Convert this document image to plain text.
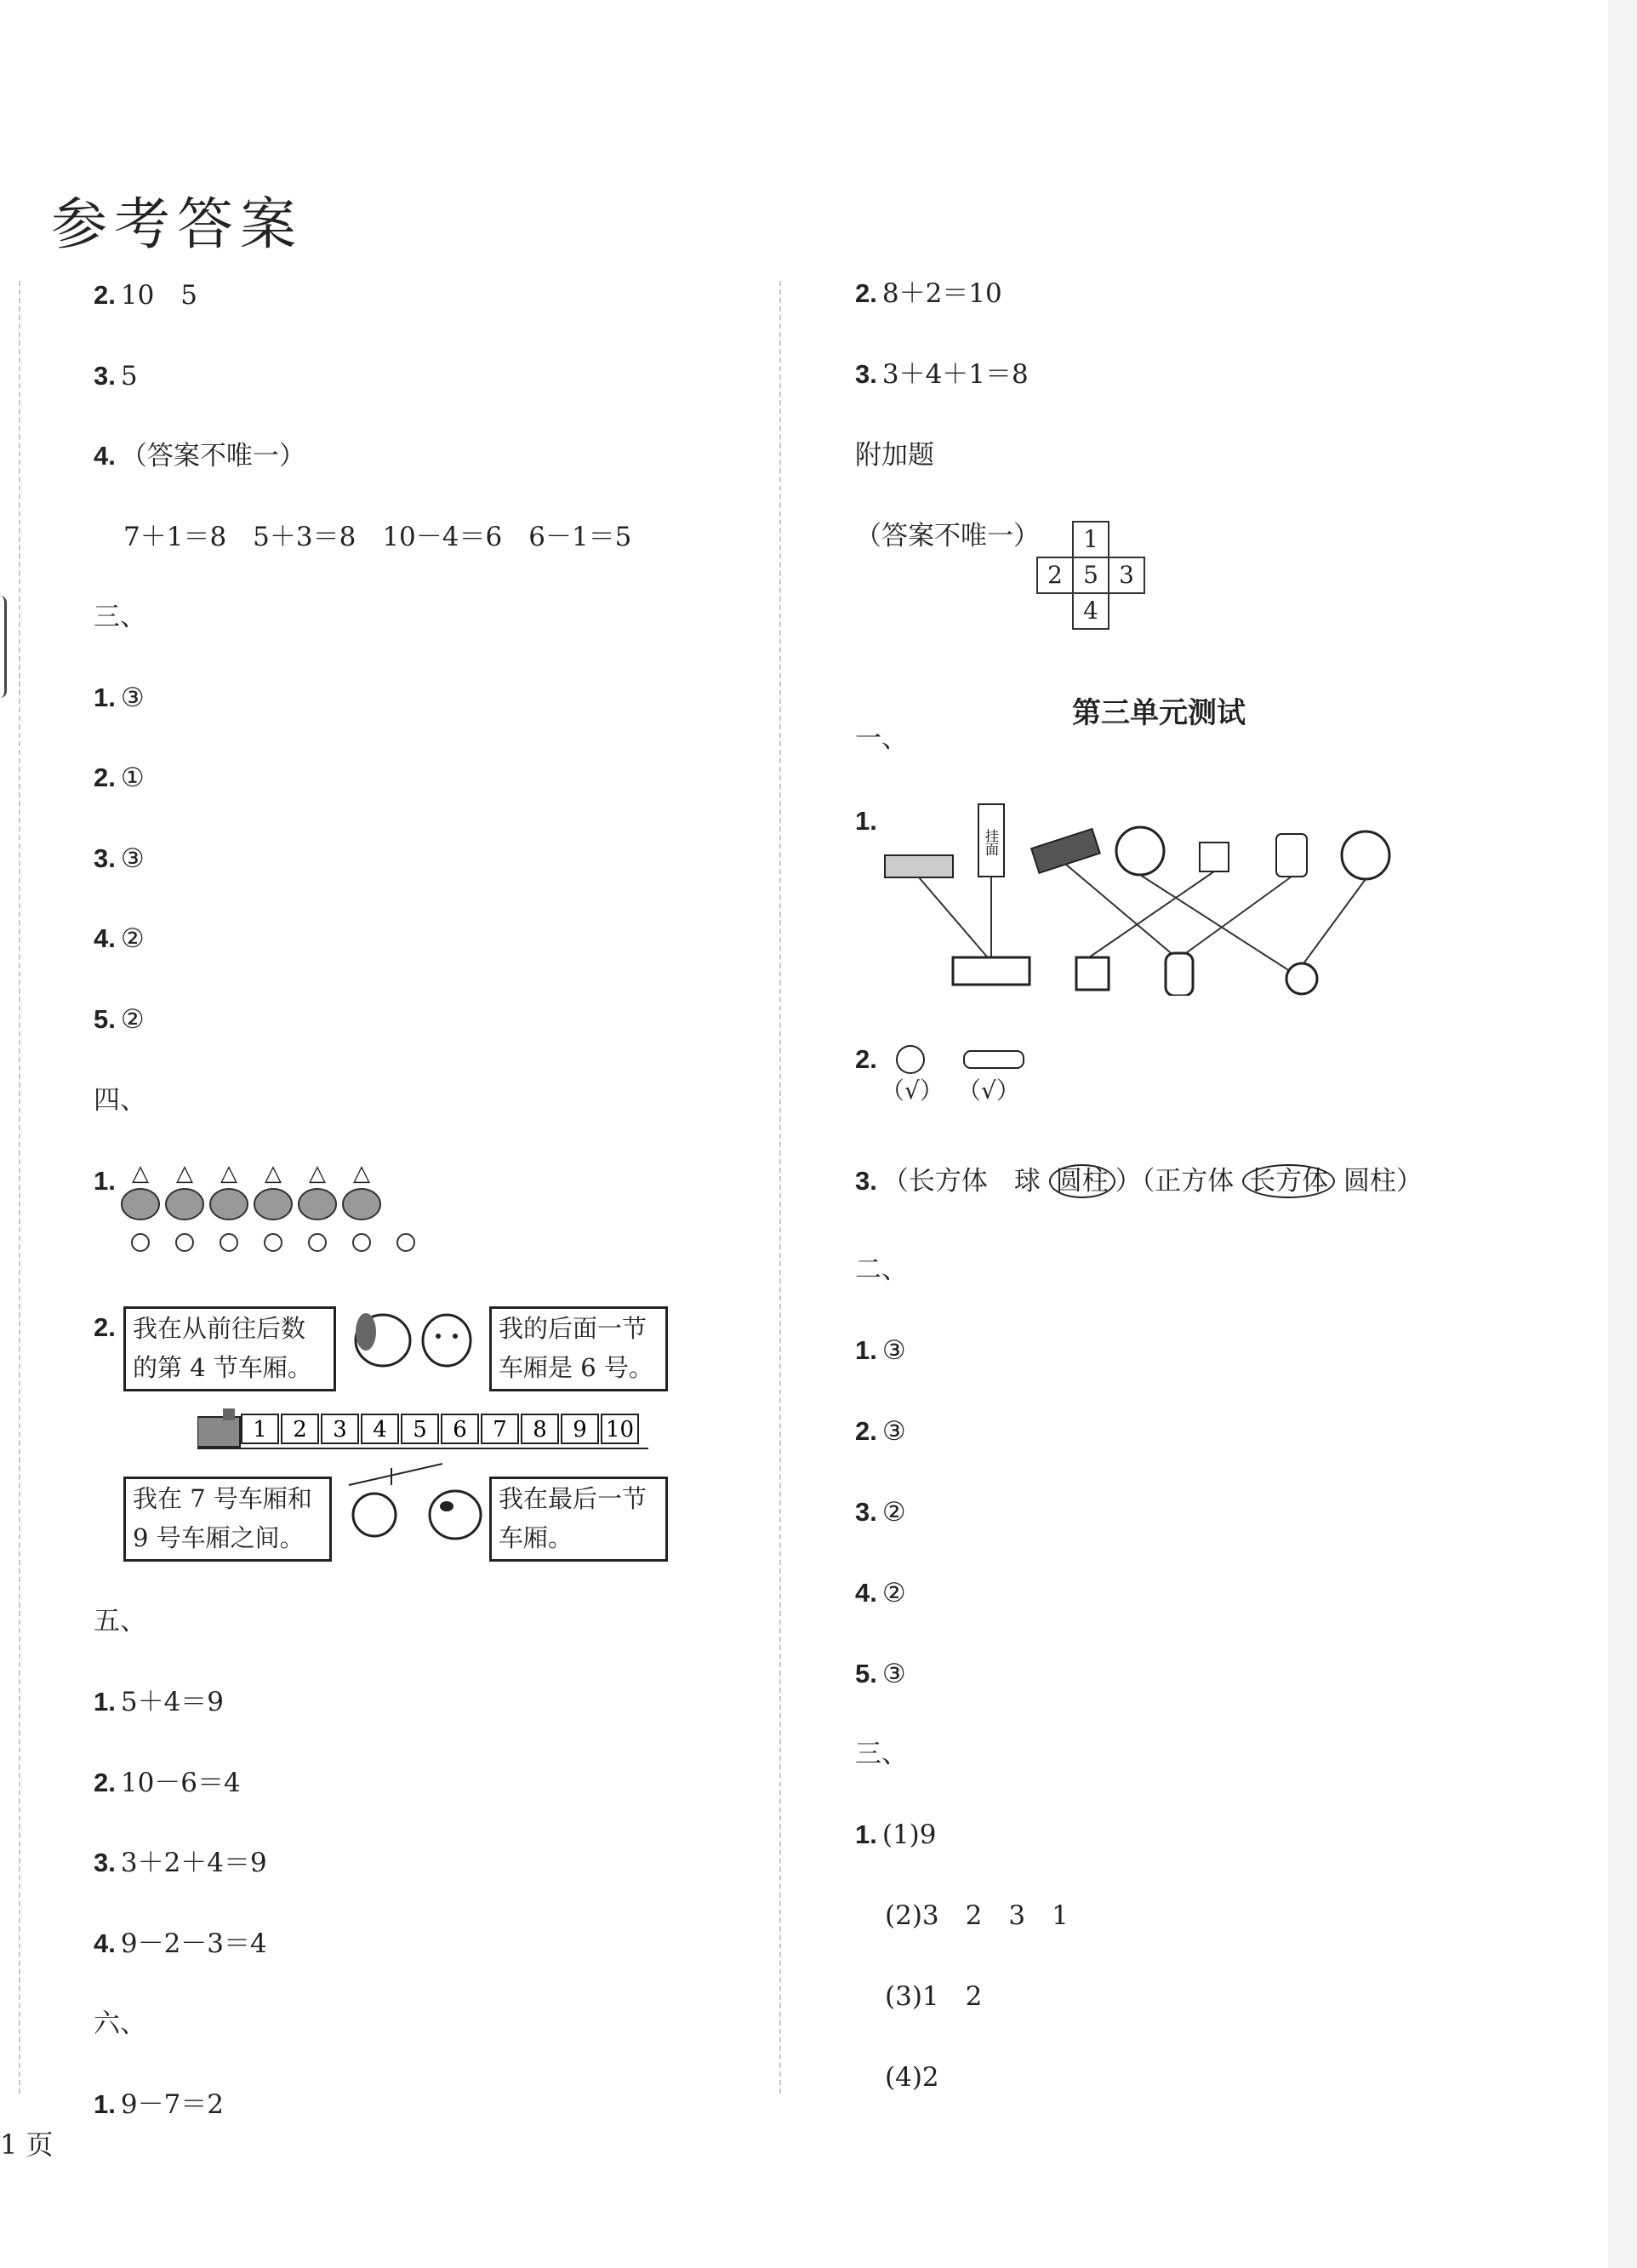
参考答案
2. 10　5
3. 5
4. （答案不唯一）
7＋1＝8　5＋3＝8　10－4＝6　6－1＝5
三、
1. ③
2. ①
3. ③
4. ②
5. ②
四、
1. △ △ △ △ △ △
2. 我在从前往后数的第 4 节车厢。
我的后面一节车厢是 6 号。
1 2 3 4 5 6 7 8 9 10
我在 7 号车厢和9 号车厢之间。
我在最后一节车厢。
五、
1. 5＋4＝9
2. 10－6＝4
3. 3＋2＋4＝9
4. 9－2－3＝4
六、
1. 9－7＝2
2. 8＋2＝10
3. 3＋4＋1＝8
附加题
（答案不唯一）	1
2 5 3
4
第三单元测试
一、
1.
挂面
2.
（√） （√）
3. （长方体　球 圆柱 ）（正方体 长方体 圆柱）
二、
1. ③
2. ③
3. ②
4. ②
5. ③
三、
1. (1)9
(2)3　2　3　1
(3)1　2
(4)2
1 页
